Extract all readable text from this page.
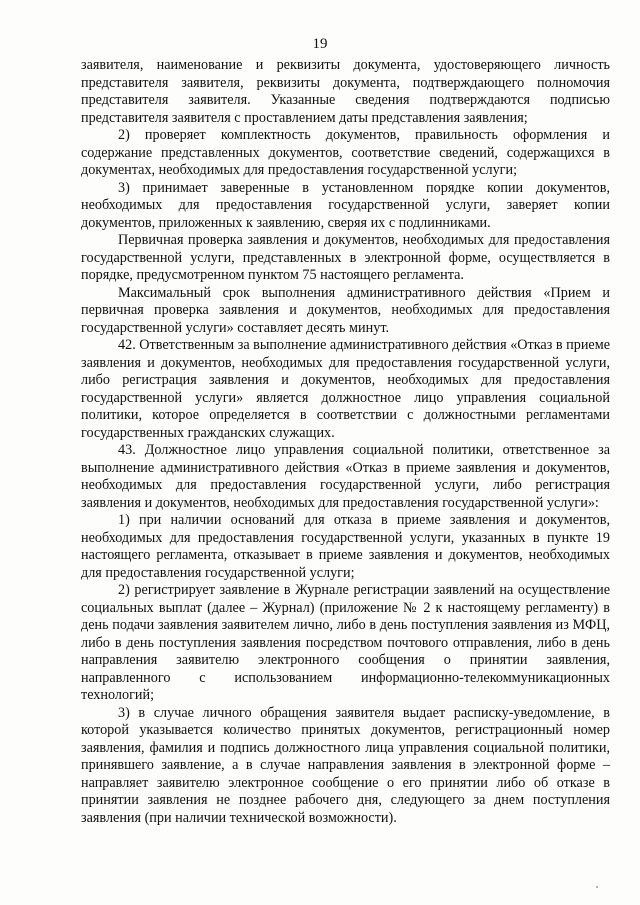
19

заявителя, наименование и реквизиты документа, удостоверяющего личность представителя заявителя, реквизиты документа, подтверждающего полномочия представителя заявителя. Указанные сведения подтверждаются подписью представителя заявителя с проставлением даты представления заявления;

2) проверяет комплектность документов, правильность оформления и содержание представленных документов, соответствие сведений, содержащихся в документах, необходимых для предоставления государственной услуги;

3) принимает заверенные в установленном порядке копии документов, необходимых для предоставления государственной услуги, заверяет копии документов, приложенных к заявлению, сверяя их с подлинниками.

Первичная проверка заявления и документов, необходимых для предоставления государственной услуги, представленных в электронной форме, осуществляется в порядке, предусмотренном пунктом 75 настоящего регламента.

Максимальный срок выполнения административного действия «Прием и первичная проверка заявления и документов, необходимых для предоставления государственной услуги» составляет десять минут.

42. Ответственным за выполнение административного действия «Отказ в приеме заявления и документов, необходимых для предоставления государственной услуги, либо регистрация заявления и документов, необходимых для предоставления государственной услуги» является должностное лицо управления социальной политики, которое определяется в соответствии с должностными регламентами государственных гражданских служащих.

43. Должностное лицо управления социальной политики, ответственное за выполнение административного действия «Отказ в приеме заявления и документов, необходимых для предоставления государственной услуги, либо регистрация заявления и документов, необходимых для предоставления государственной услуги»:

1) при наличии оснований для отказа в приеме заявления и документов, необходимых для предоставления государственной услуги, указанных в пункте 19 настоящего регламента, отказывает в приеме заявления и документов, необходимых для предоставления государственной услуги;

2) регистрирует заявление в Журнале регистрации заявлений на осуществление социальных выплат (далее – Журнал) (приложение № 2 к настоящему регламенту) в день подачи заявления заявителем лично, либо в день поступления заявления из МФЦ, либо в день поступления заявления посредством почтового отправления, либо в день направления заявителю электронного сообщения о принятии заявления, направленного с использованием информационно-телекоммуникационных технологий;

3) в случае личного обращения заявителя выдает расписку-уведомление, в которой указывается количество принятых документов, регистрационный номер заявления, фамилия и подпись должностного лица управления социальной политики, принявшего заявление, а в случае направления заявления в электронной форме – направляет заявителю электронное сообщение о его принятии либо об отказе в принятии заявления не позднее рабочего дня, следующего за днем поступления заявления (при наличии технической возможности).
